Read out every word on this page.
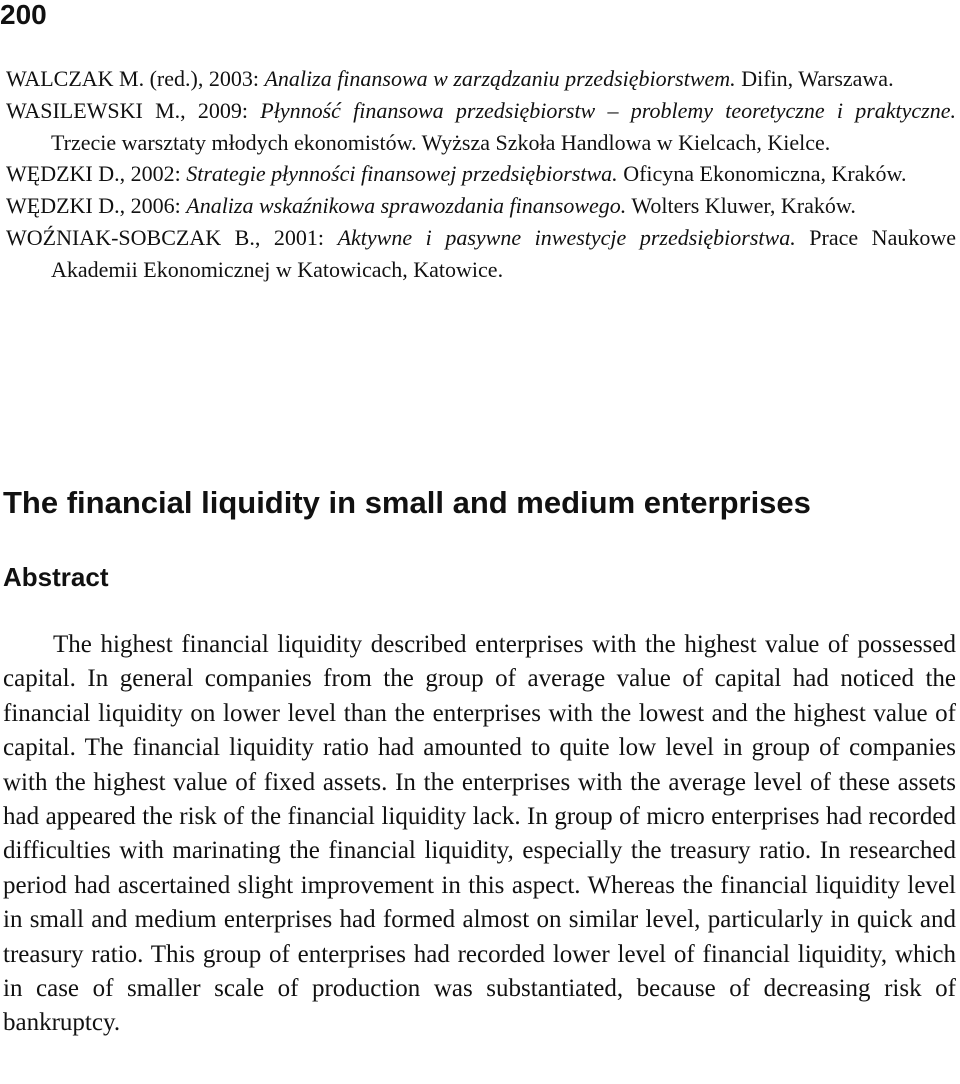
200

WALCZAK M. (red.), 2003: Analiza finansowa w zarządzaniu przedsiębiorstwem. Difin, Warszawa.

WASILEWSKI M., 2009: Płynność finansowa przedsiębiorstw – problemy teoretyczne i praktyczne. Trzecie warsztaty młodych ekonomistów. Wyższa Szkoła Handlowa w Kielcach, Kielce.

WĘDZKI D., 2002: Strategie płynności finansowej przedsiębiorstwa. Oficyna Ekonomiczna, Kraków.

WĘDZKI D., 2006: Analiza wskaźnikowa sprawozdania finansowego. Wolters Kluwer, Kraków.

WOŹNIAK-SOBCZAK B., 2001: Aktywne i pasywne inwestycje przedsiębiorstwa. Prace Naukowe Akademii Ekonomicznej w Katowicach, Katowice.

The financial liquidity in small and medium enterprises
Abstract

The highest financial liquidity described enterprises with the highest value of possessed capital. In general companies from the group of average value of capital had noticed the financial liquidity on lower level than the enterprises with the lowest and the highest value of capital. The financial liquidity ratio had amounted to quite low level in group of companies with the highest value of fixed assets. In the enterprises with the average level of these assets had appeared the risk of the financial liquidity lack. In group of micro enterprises had recorded difficulties with marinating the financial liquidity, especially the treasury ratio. In researched period had ascertained slight improvement in this aspect. Whereas the financial liquidity level in small and medium enterprises had formed almost on similar level, particularly in quick and treasury ratio. This group of enterprises had recorded lower level of financial liquidity, which in case of smaller scale of production was substantiated, because of decreasing risk of bankruptcy.
